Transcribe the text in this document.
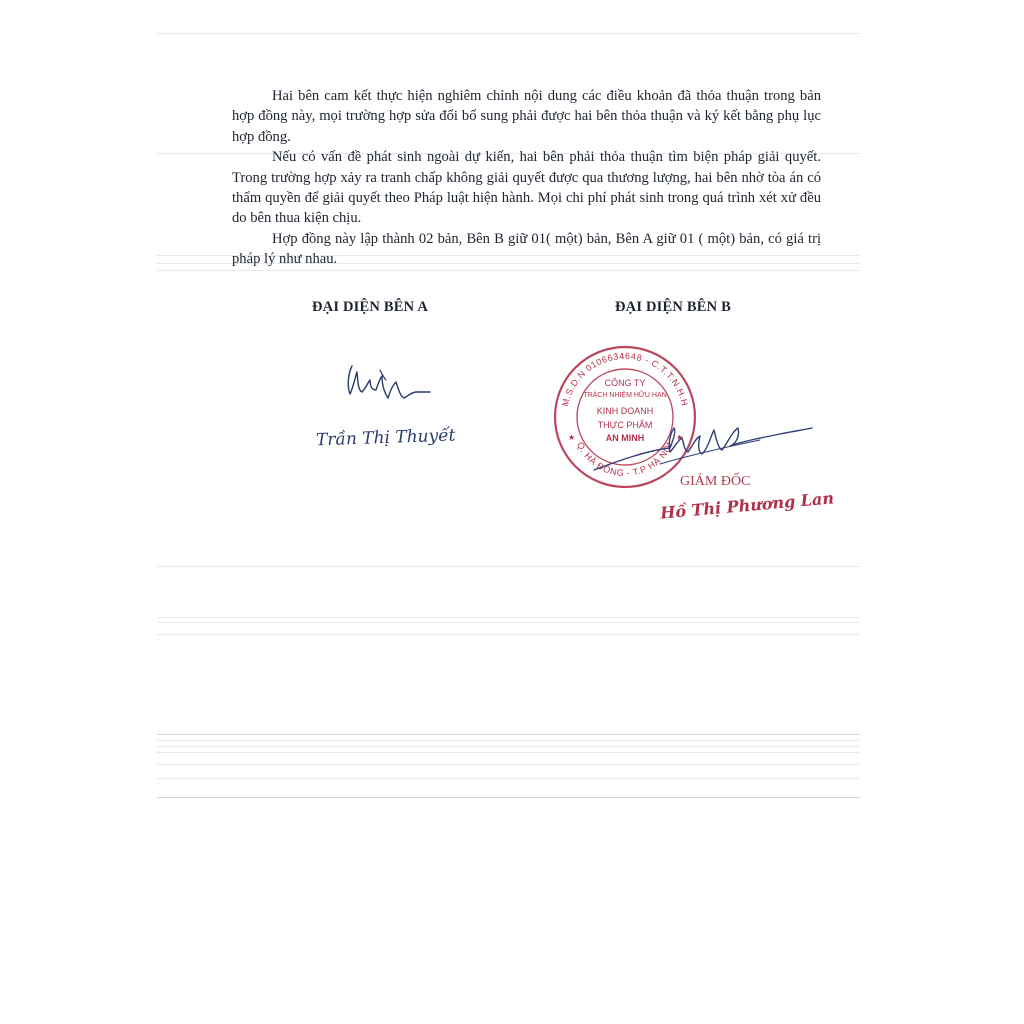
Hai bên cam kết thực hiện nghiêm chỉnh nội dung các điều khoản đã thỏa thuận trong bản hợp đồng này, mọi trường hợp sửa đổi bổ sung phải được hai bên thỏa thuận và ký kết bằng phụ lục hợp đồng.

Nếu có vấn đề phát sinh ngoài dự kiến, hai bên phải thỏa thuận tìm biện pháp giải quyết. Trong trường hợp xảy ra tranh chấp không giải quyết được qua thương lượng, hai bên nhờ tòa án có thẩm quyền để giải quyết theo Pháp luật hiện hành. Mọi chi phí phát sinh trong quá trình xét xử đều do bên thua kiện chịu.

Hợp đồng này lập thành 02 bản, Bên B giữ 01( một) bản, Bên A giữ 01 ( một) bản, có giá trị pháp lý như nhau.

ĐẠI DIỆN BÊN A	ĐẠI DIỆN BÊN B
Trần Thị Thuyết
M.S.D.N 0106634648 - C.T.T.N.H.H
Q. HÀ ĐÔNG - T.P HÀ NỘI
★	★
CÔNG TY
TRÁCH NHIỆM HỮU HẠN
KINH DOANH
THỰC PHẨM
AN MINH
GIÁM ĐỐC
Hồ Thị Phương Lan
